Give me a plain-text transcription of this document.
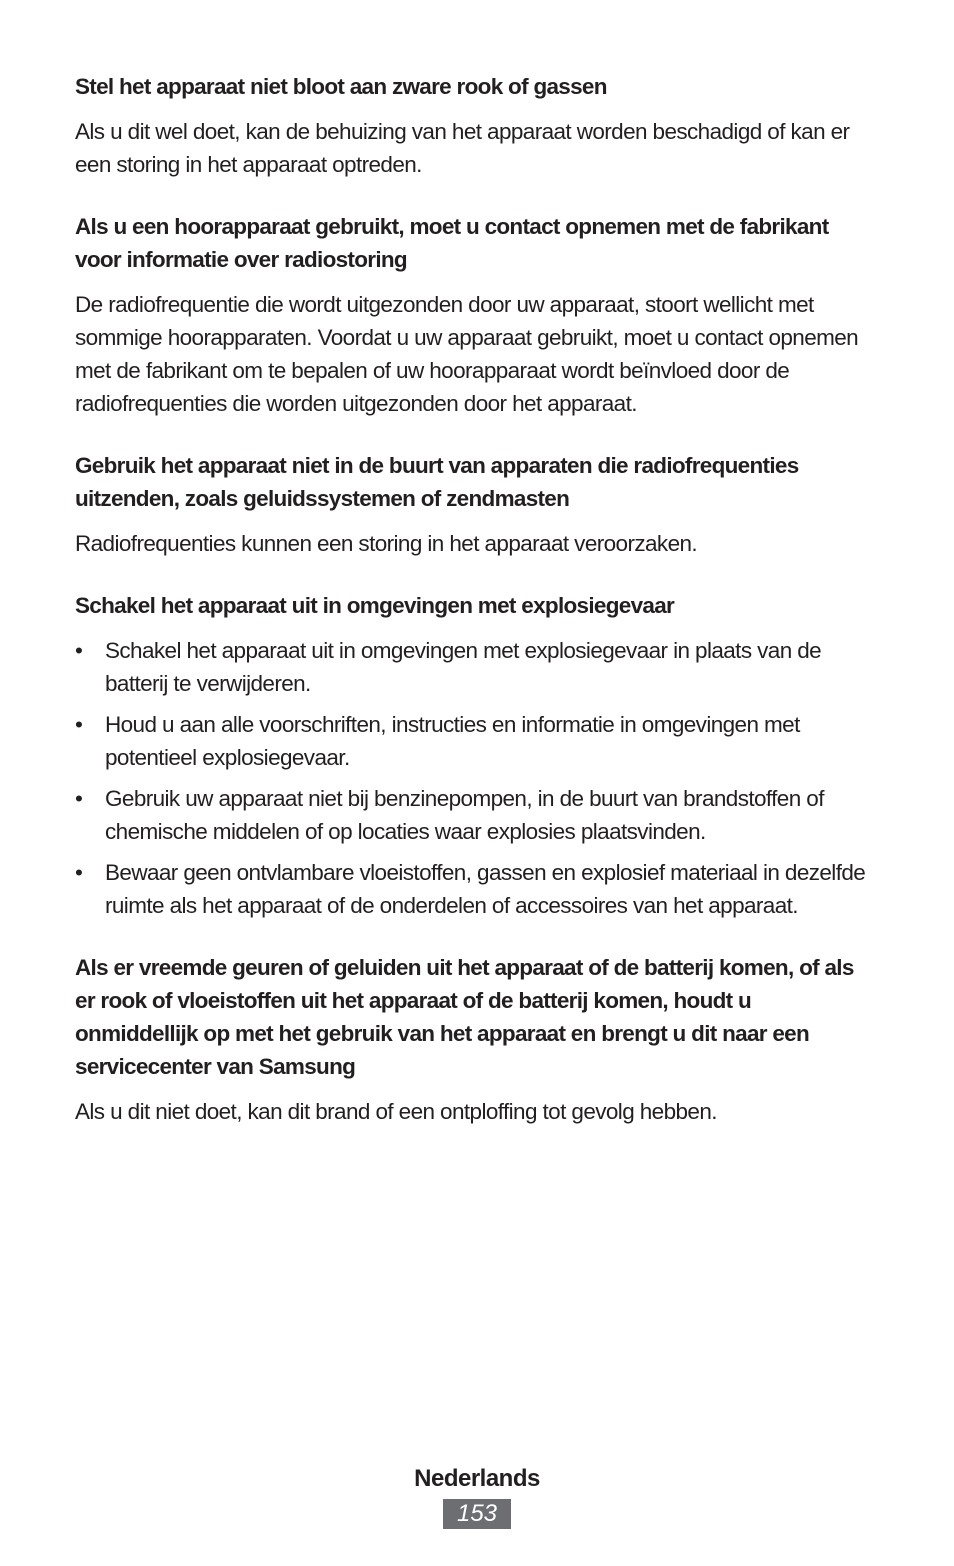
Stel het apparaat niet bloot aan zware rook of gassen

Als u dit wel doet, kan de behuizing van het apparaat worden beschadigd of kan er een storing in het apparaat optreden.

Als u een hoorapparaat gebruikt, moet u contact opnemen met de fabrikant voor informatie over radiostoring

De radiofrequentie die wordt uitgezonden door uw apparaat, stoort wellicht met sommige hoorapparaten. Voordat u uw apparaat gebruikt, moet u contact opnemen met de fabrikant om te bepalen of uw hoorapparaat wordt beïnvloed door de radiofrequenties die worden uitgezonden door het apparaat.

Gebruik het apparaat niet in de buurt van apparaten die radiofrequenties uitzenden, zoals geluidssystemen of zendmasten

Radiofrequenties kunnen een storing in het apparaat veroorzaken.

Schakel het apparaat uit in omgevingen met explosiegevaar
• Schakel het apparaat uit in omgevingen met explosiegevaar in plaats van de batterij te verwijderen.
• Houd u aan alle voorschriften, instructies en informatie in omgevingen met potentieel explosiegevaar.
• Gebruik uw apparaat niet bij benzinepompen, in de buurt van brandstoffen of chemische middelen of op locaties waar explosies plaatsvinden.
• Bewaar geen ontvlambare vloeistoffen, gassen en explosief materiaal in dezelfde ruimte als het apparaat of de onderdelen of accessoires van het apparaat.
Als er vreemde geuren of geluiden uit het apparaat of de batterij komen, of als er rook of vloeistoffen uit het apparaat of de batterij komen, houdt u onmiddellijk op met het gebruik van het apparaat en brengt u dit naar een servicecenter van Samsung

Als u dit niet doet, kan dit brand of een ontploffing tot gevolg hebben.

Nederlands
153
